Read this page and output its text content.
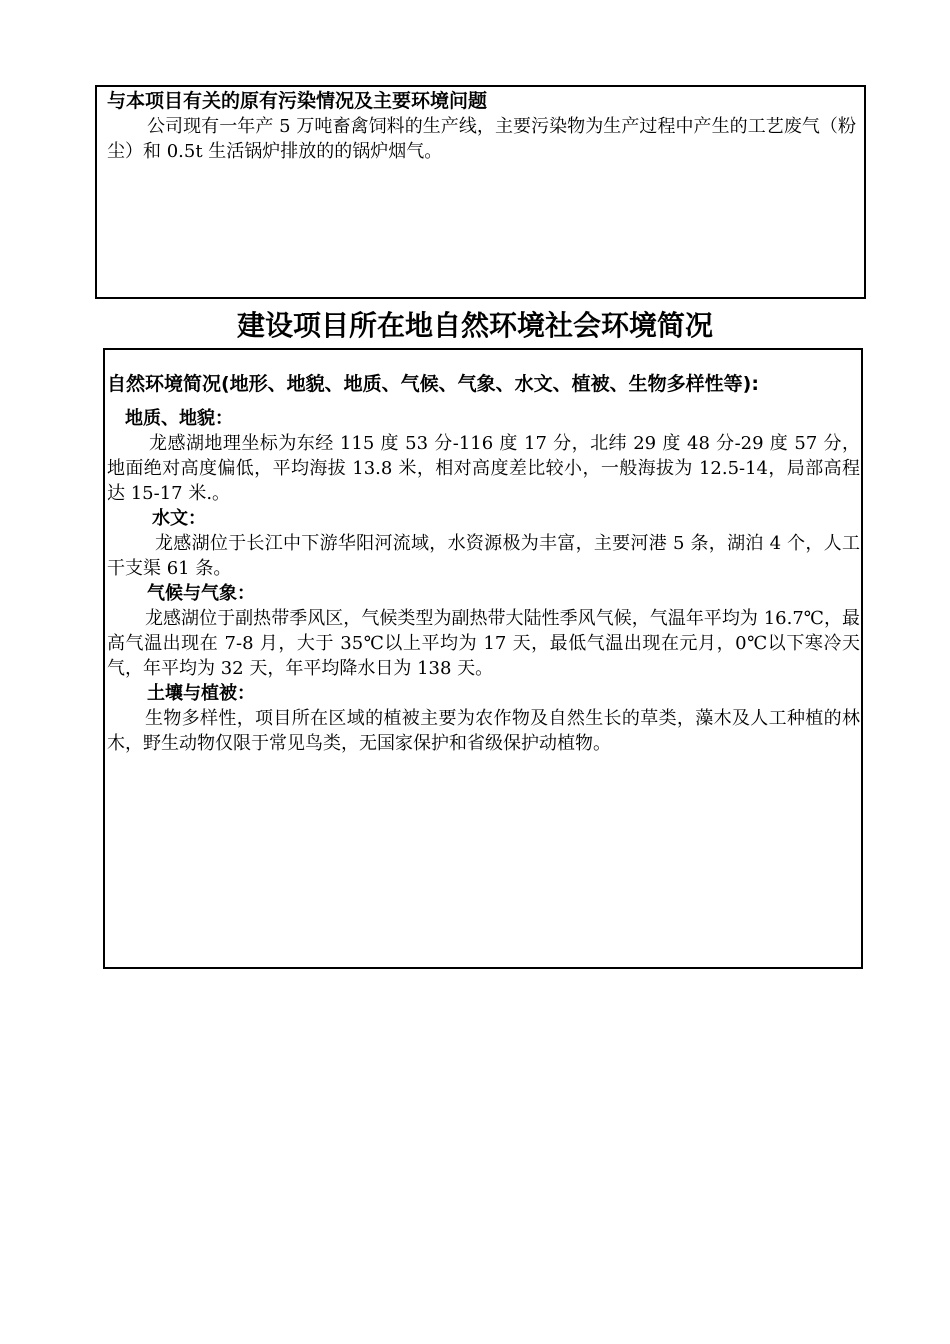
与本项目有关的原有污染情况及主要环境问题
公司现有一年产 5 万吨畜禽饲料的生产线，主要污染物为生产过程中产生的工艺废气（粉尘）和 0.5t 生活锅炉排放的的锅炉烟气。
建设项目所在地自然环境社会环境简况
自然环境简况(地形、地貌、地质、气候、气象、水文、植被、生物多样性等):
地质、地貌：
龙感湖地理坐标为东经 115 度 53 分-116 度 17 分，北纬 29 度 48 分-29 度 57 分，地面绝对高度偏低，平均海拔 13.8 米，相对高度差比较小，一般海拔为 12.5-14，局部高程达 15-17 米.。
水文：
龙感湖位于长江中下游华阳河流域，水资源极为丰富，主要河港 5 条，湖泊 4 个，人工干支渠 61 条。
气候与气象：
龙感湖位于副热带季风区，气候类型为副热带大陆性季风气候，气温年平均为 16.7℃，最高气温出现在 7-8 月，大于 35℃以上平均为 17 天，最低气温出现在元月，0℃以下寒冷天气，年平均为 32 天，年平均降水日为 138 天。
土壤与植被：
生物多样性，项目所在区域的植被主要为农作物及自然生长的草类，藻木及人工种植的林木，野生动物仅限于常见鸟类，无国家保护和省级保护动植物。
